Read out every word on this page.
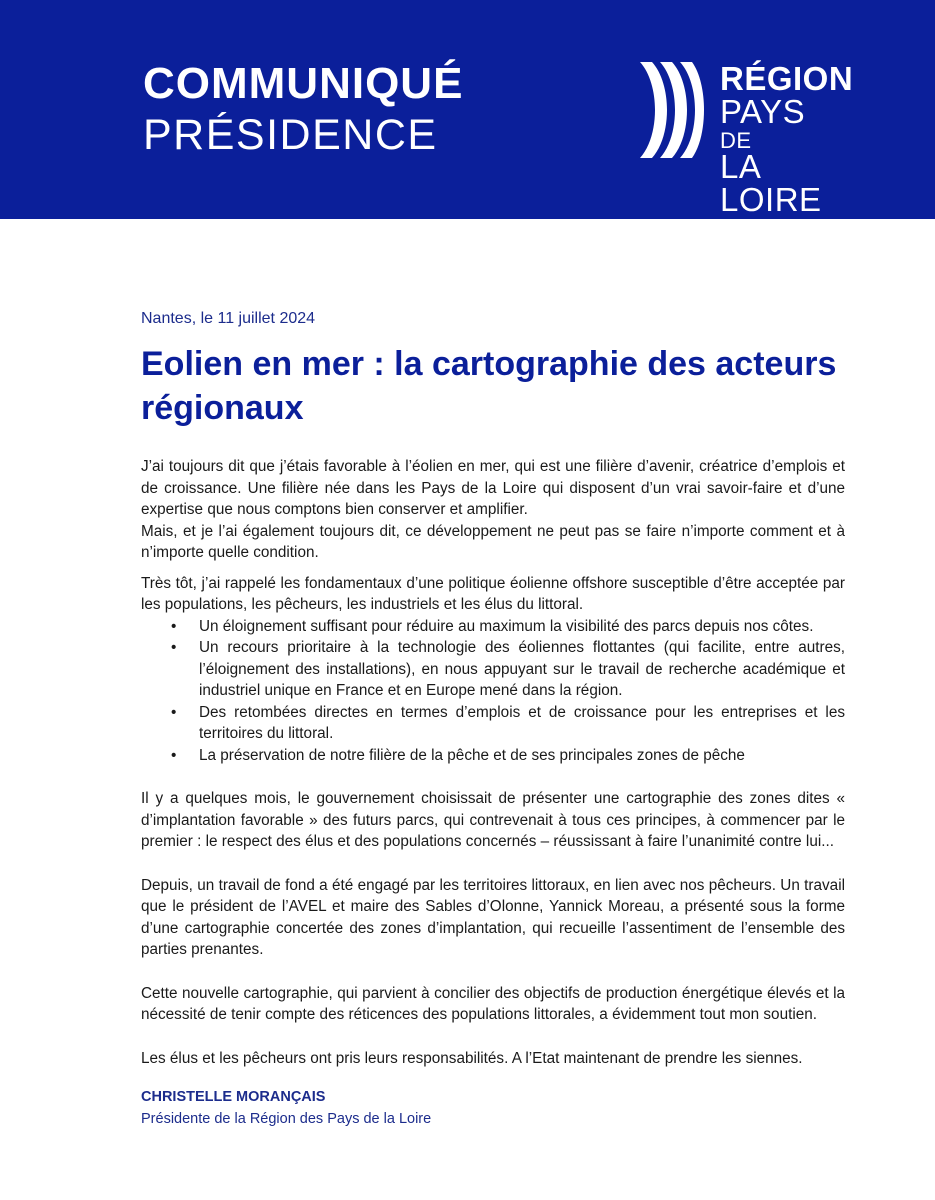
COMMUNIQUÉ
PRÉSIDENCE
RÉGION
PAYS
DE
LA LOIRE
Nantes, le 11 juillet 2024
Eolien en mer : la cartographie des acteurs régionaux

J’ai toujours dit que j’étais favorable à l’éolien en mer, qui est une filière d’avenir, créatrice d’emplois et de croissance. Une filière née dans les Pays de la Loire qui disposent d’un vrai savoir-faire et d’une expertise que nous comptons bien conserver et amplifier.

Mais, et je l’ai également toujours dit, ce développement ne peut pas se faire n’importe comment et à n’importe quelle condition.

Très tôt, j’ai rappelé les fondamentaux d’une politique éolienne offshore susceptible d’être acceptée par les populations, les pêcheurs, les industriels et les élus du littoral.

• Un éloignement suffisant pour réduire au maximum la visibilité des parcs depuis nos côtes.
• Un recours prioritaire à la technologie des éoliennes flottantes (qui facilite, entre autres, l’éloignement des installations), en nous appuyant sur le travail de recherche académique et industriel unique en France et en Europe mené dans la région.
• Des retombées directes en termes d’emplois et de croissance pour les entreprises et les territoires du littoral.
• La préservation de notre filière de la pêche et de ses principales zones de pêche

Il y a quelques mois, le gouvernement choisissait de présenter une cartographie des zones dites « d’implantation favorable » des futurs parcs, qui contrevenait à tous ces principes, à commencer par le premier : le respect des élus et des populations concernés – réussissant à faire l’unanimité contre lui...

Depuis, un travail de fond a été engagé par les territoires littoraux, en lien avec nos pêcheurs. Un travail que le président de l’AVEL et maire des Sables d’Olonne, Yannick Moreau, a présenté sous la forme d’une cartographie concertée des zones d’implantation, qui recueille l’assentiment de l’ensemble des parties prenantes.

Cette nouvelle cartographie, qui parvient à concilier des objectifs de production énergétique élevés et la nécessité de tenir compte des réticences des populations littorales, a évidemment tout mon soutien.

Les élus et les pêcheurs ont pris leurs responsabilités. A l’Etat maintenant de prendre les siennes.

CHRISTELLE MORANÇAIS
Présidente de la Région des Pays de la Loire
